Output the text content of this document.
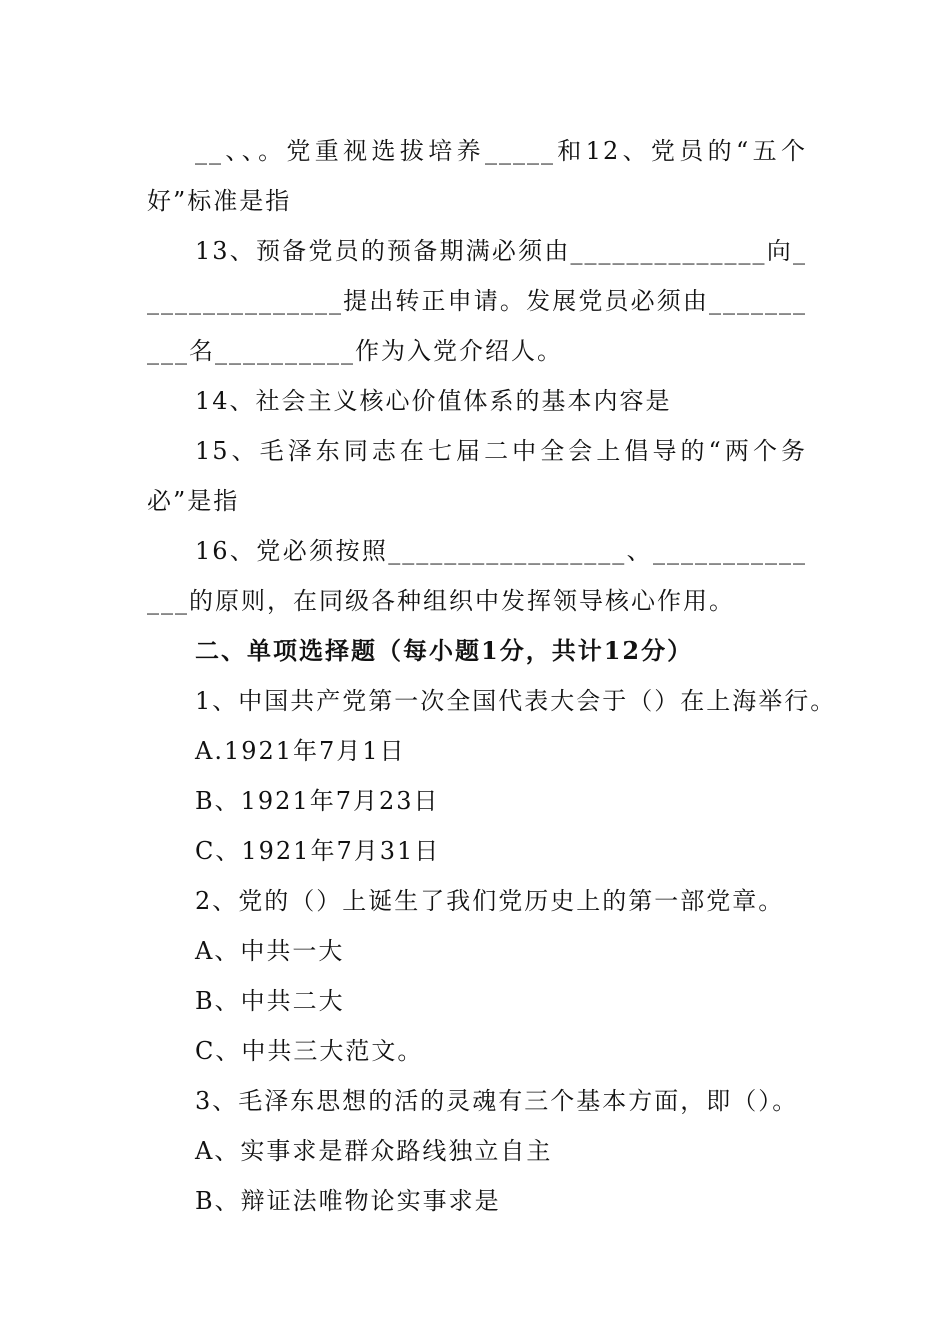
__、、。党重视选拔培养_____和12、党员的“五个好”标准是指

13、预备党员的预备期满必须由______________向_______________提出转正申请。发展党员必须由__________名__________作为入党介绍人。

14、社会主义核心价值体系的基本内容是

15、毛泽东同志在七届二中全会上倡导的“两个务必”是指

16、党必须按照_________________、______________的原则，在同级各种组织中发挥领导核心作用。

二、单项选择题（每小题1分，共计12分）

1、中国共产党第一次全国代表大会于（）在上海举行。

A.1921年7月1日

B、1921年7月23日

C、1921年7月31日

2、党的（）上诞生了我们党历史上的第一部党章。

A、中共一大

B、中共二大

C、中共三大范文。

3、毛泽东思想的活的灵魂有三个基本方面，即（）。

A、实事求是群众路线独立自主

B、辩证法唯物论实事求是
